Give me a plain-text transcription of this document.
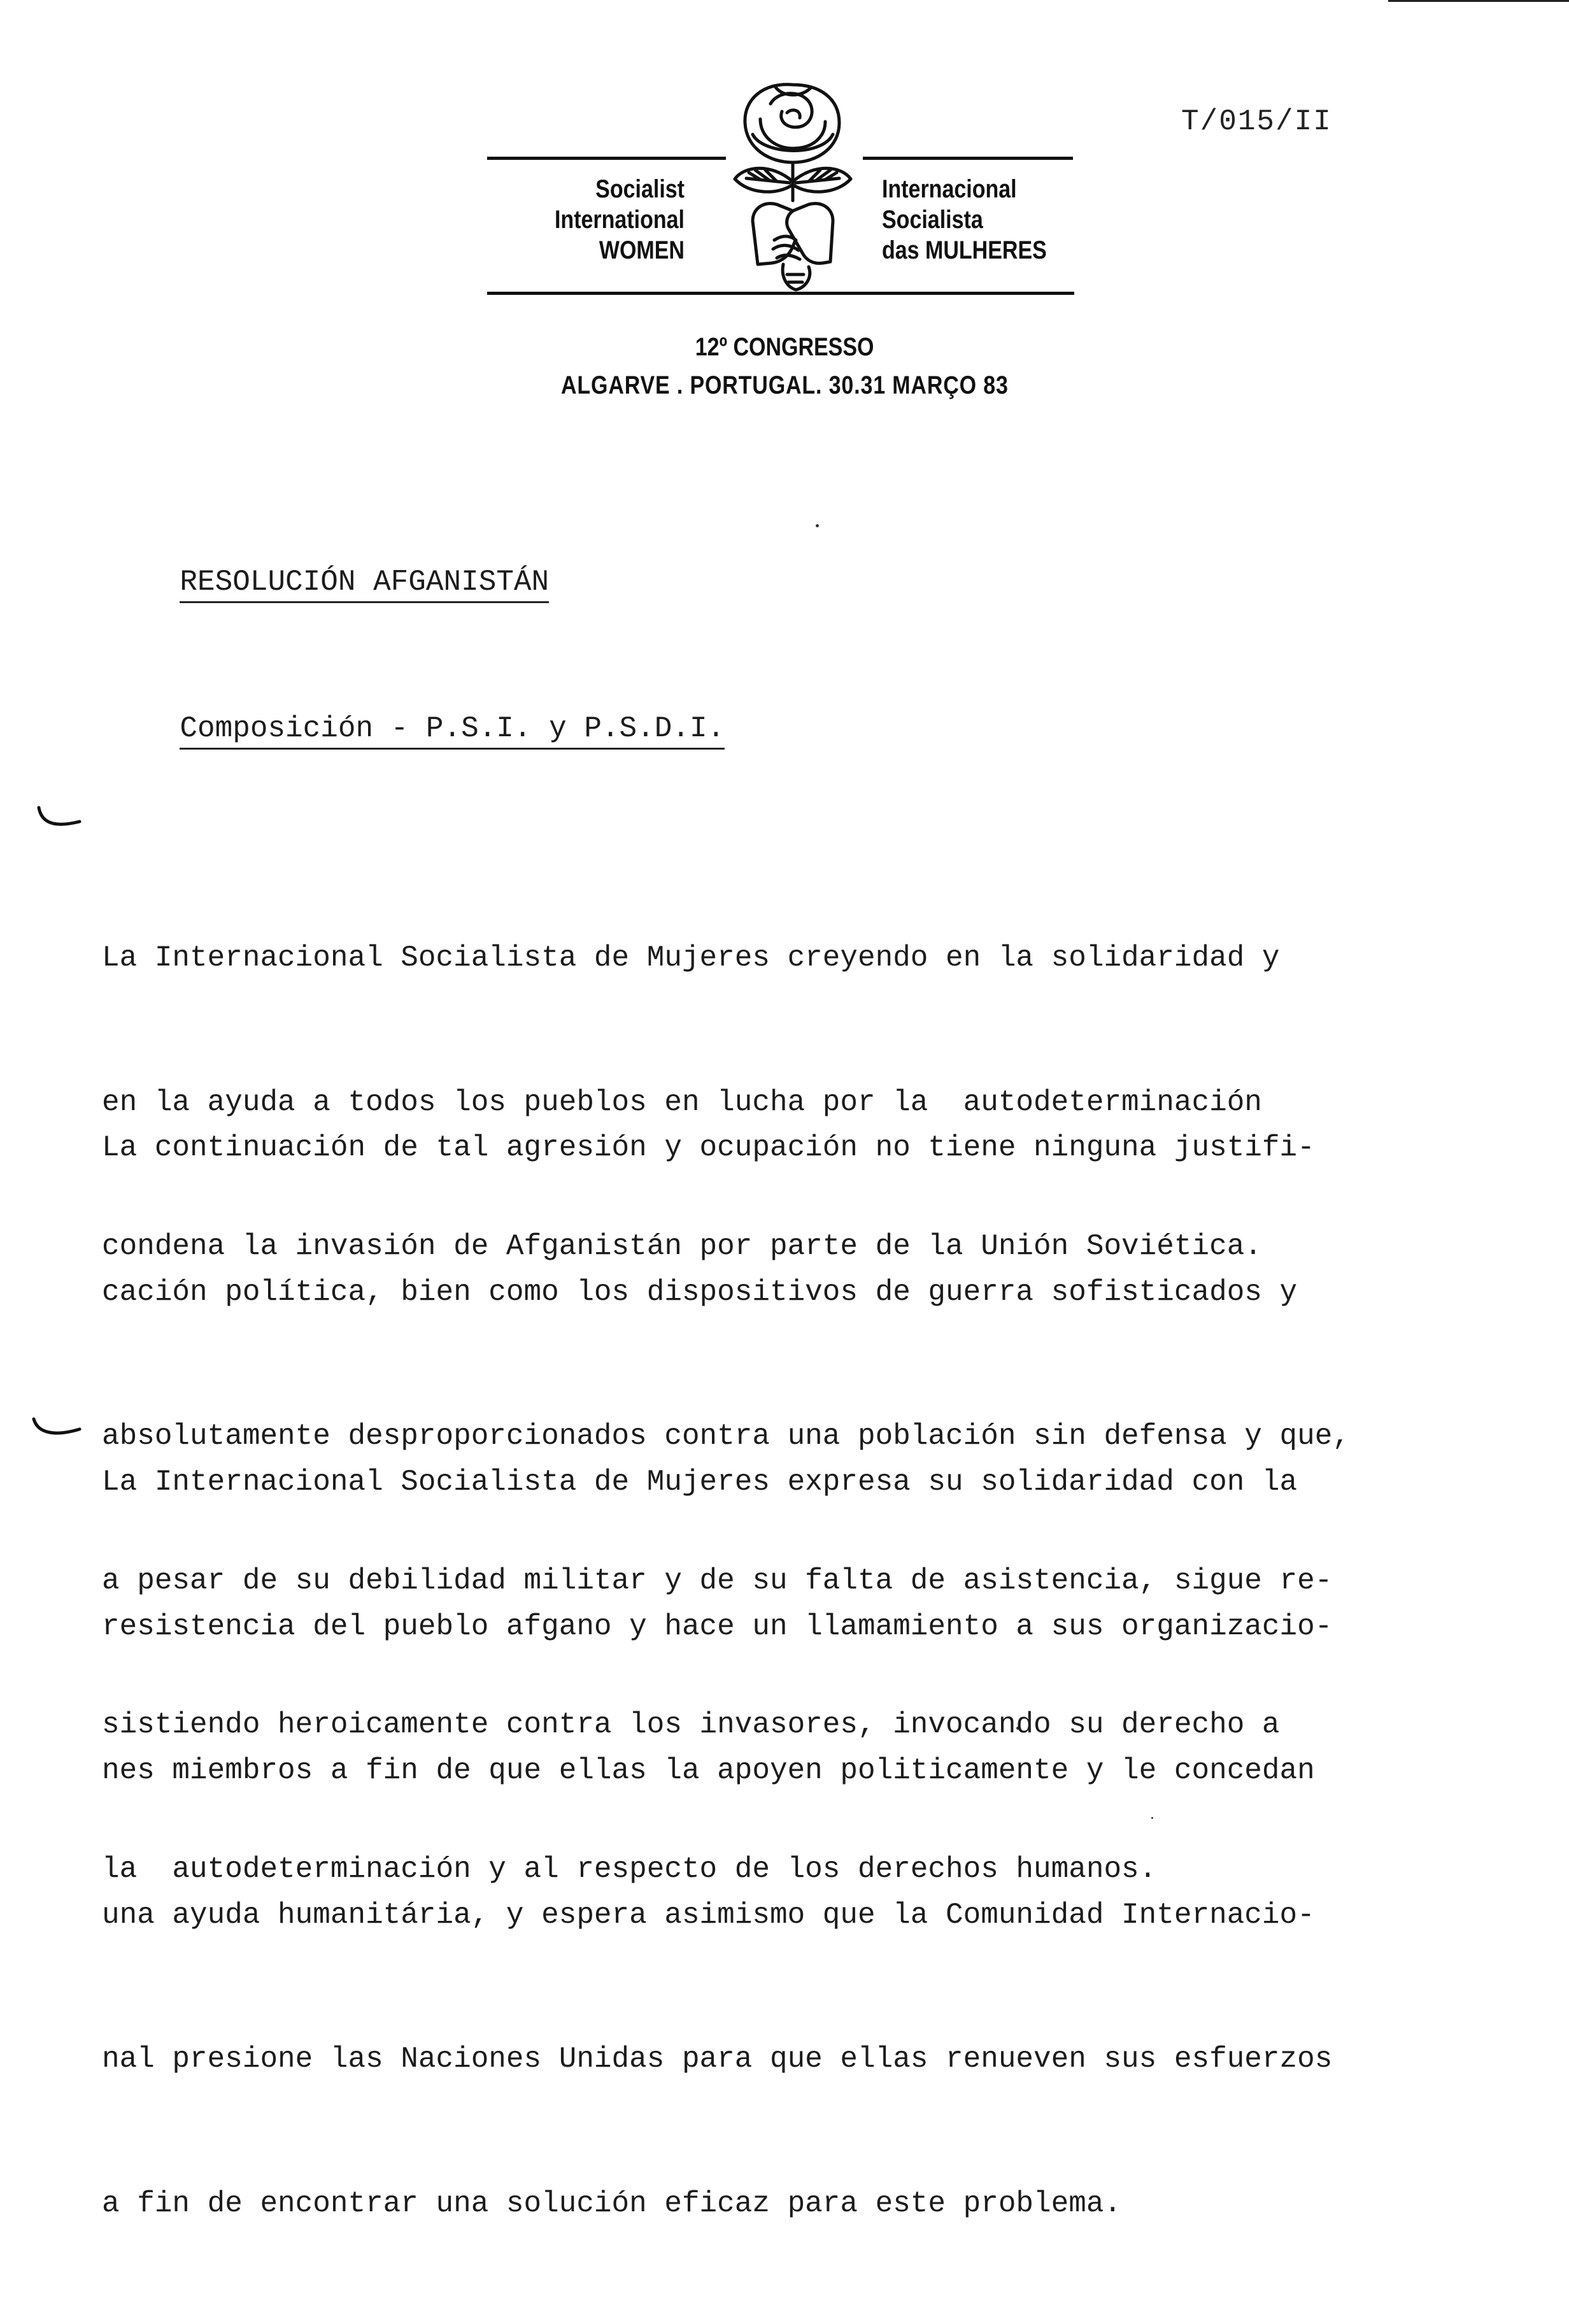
T/015/II
Socialist
International
WOMEN
Internacional
Socialista
das MULHERES
12º CONGRESSO
ALGARVE . PORTUGAL. 30.31 MARÇO 83

RESOLUCIÓN AFGANISTÁN

Composición - P.S.I. y P.S.D.I.

La Internacional Socialista de Mujeres creyendo en la solidaridad y

en la ayuda a todos los pueblos en lucha por la  autodeterminación

condena la invasión de Afganistán por parte de la Unión Soviética.

La continuación de tal agresión y ocupación no tiene ninguna justifi-

cación política, bien como los dispositivos de guerra sofisticados y

absolutamente desproporcionados contra una población sin defensa y que,

a pesar de su debilidad militar y de su falta de asistencia, sigue re-

sistiendo heroicamente contra los invasores, invocando su derecho a

la  autodeterminación y al respecto de los derechos humanos.

La Internacional Socialista de Mujeres expresa su solidaridad con la

resistencia del pueblo afgano y hace un llamamiento a sus organizacio-

nes miembros a fin de que ellas la apoyen politicamente y le concedan

una ayuda humanitária, y espera asimismo que la Comunidad Internacio-

nal presione las Naciones Unidas para que ellas renueven sus esfuerzos

a fin de encontrar una solución eficaz para este problema.
